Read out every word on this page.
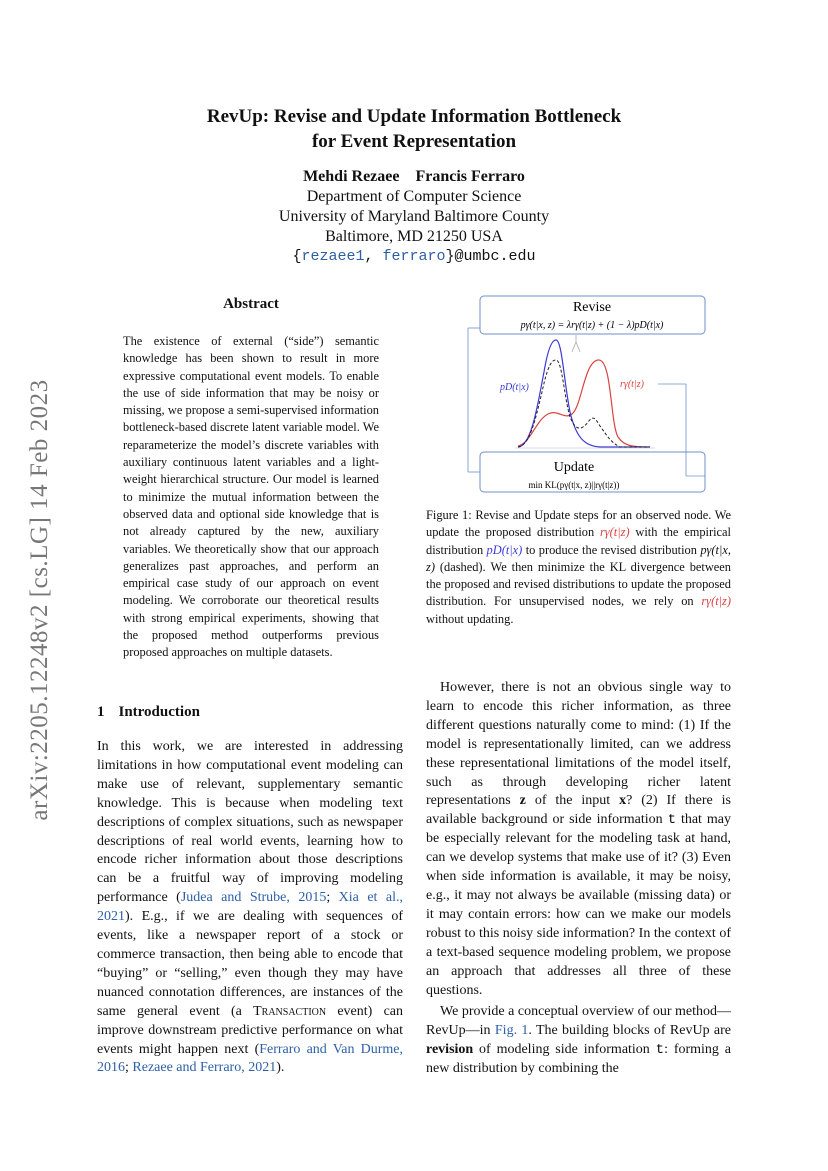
arXiv:2205.12248v2 [cs.LG] 14 Feb 2023
RevUp: Revise and Update Information Bottleneck
for Event Representation
Mehdi Rezaee Francis Ferraro
Department of Computer Science
University of Maryland Baltimore County
Baltimore, MD 21250 USA
{rezaee1, ferraro}@umbc.edu
Abstract
The existence of external (“side”) semantic knowledge has been shown to result in more expressive computational event models. To enable the use of side information that may be noisy or missing, we propose a semi-supervised information bottleneck-based discrete latent variable model. We reparameterize the model’s discrete variables with auxiliary continuous latent variables and a light-weight hierarchical structure. Our model is learned to minimize the mutual information between the observed data and optional side knowledge that is not already captured by the new, auxiliary variables. We theoretically show that our approach generalizes past approaches, and perform an empirical case study of our approach on event modeling. We corroborate our theoretical results with strong empirical experiments, showing that the proposed method outperforms previous proposed approaches on multiple datasets.
Revise
pγ(t|x, z) = λrγ(t|z) + (1 − λ)pD(t|x)
Update
min KL(pγ(t|x, z)||rγ(t|z))
pD(t|x)	rγ(t|z)
Figure 1: Revise and Update steps for an observed node. We update the proposed distribution rγ(t|z) with the empirical distribution pD(t|x) to produce the revised distribution pγ(t|x, z) (dashed). We then minimize the KL divergence between the proposed and revised distributions to update the proposed distribution. For unsupervised nodes, we rely on rγ(t|z) without updating.
1 Introduction
In this work, we are interested in addressing limitations in how computational event modeling can make use of relevant, supplementary semantic knowledge. This is because when modeling text descriptions of complex situations, such as newspaper descriptions of real world events, learning how to encode richer information about those descriptions can be a fruitful way of improving modeling performance (Judea and Strube, 2015; Xia et al., 2021). E.g., if we are dealing with sequences of events, like a newspaper report of a stock or commerce transaction, then being able to encode that “buying” or “selling,” even though they may have nuanced connotation differences, are instances of the same general event (a Transaction event) can improve downstream predictive performance on what events might happen next (Ferraro and Van Durme, 2016; Rezaee and Ferraro, 2021).
However, there is not an obvious single way to learn to encode this richer information, as three different questions naturally come to mind: (1) If the model is representationally limited, can we address these representational limitations of the model itself, such as through developing richer latent representations z of the input x? (2) If there is available background or side information t that may be especially relevant for the modeling task at hand, can we develop systems that make use of it? (3) Even when side information is available, it may be noisy, e.g., it may not always be available (missing data) or it may contain errors: how can we make our models robust to this noisy side information? In the context of a text-based sequence modeling problem, we propose an approach that addresses all three of these questions.
We provide a conceptual overview of our method—RevUp—in Fig. 1. The building blocks of RevUp are revision of modeling side information t: forming a new distribution by combining the
